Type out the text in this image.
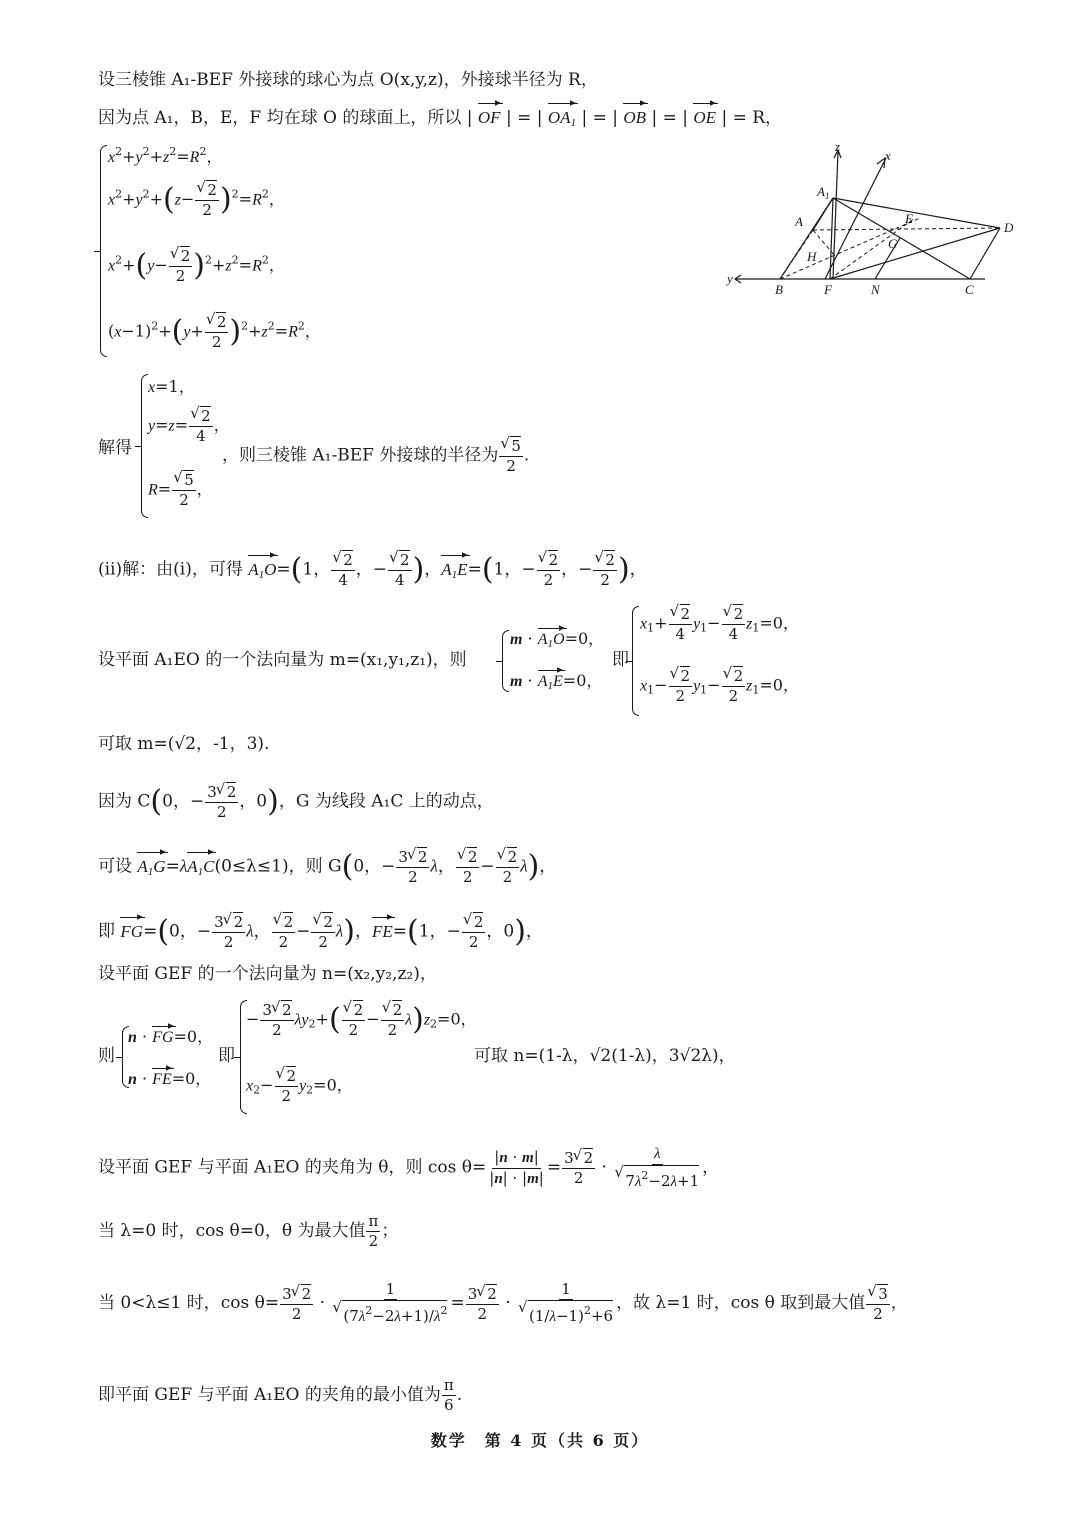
设三棱锥 A₁-BEF 外接球的球心为点 O(x,y,z)，外接球半径为 R，
因为点 A₁，B，E，F 均在球 O 的球面上，所以 | OF | = | $OA_1$ | = | OB | = | OE | = R，
$x^2+y^2+z^2=R^2$，
$x^2+y^2+(z-$ √ $\frac{2}{2} )^2=R^2$，
$x^2+(y-$ √ $\frac{2}{2} )^2+z^2=R^2$，
$(x-1)^2+(y+$ √ $\frac{2}{2} )^2+z^2=R^2$，
z
x
y
$A_1$
A	E
D
G
H
B	F	N	C
解得
x=1，
y=z= √ $\frac{2}{4}$ ，
R= √ $\frac{5}{2}$ ，
，则三棱锥 A₁-BEF 外接球的半径为 √ $\frac{5}{2}$ .
(ⅱ)解：由(ⅰ)，可得 $A_1O=(1$， √ $\frac{2}{4}$ ，− √ $\frac{2}{4}$ )，$A_1E=(1$，− √ $\frac{2}{2}$ ，− √ $\frac{2}{2}$ )，
设平面 A₁EO 的一个法向量为 m=(x₁,y₁,z₁)，则
$m \cdot A_1O=0$，
$m \cdot A_1E=0$，
即
$x_1+$ √ $\frac{2}{4} y_1-$ √ $\frac{2}{4} z_1=0$，
$x_1-$ √ $\frac{2}{2} y_1-$ √ $\frac{2}{2} z_1=0$，
可取 m=(√2，-1，3).
因为 C(0，− $\frac{3 √ 2}{2}$ ，0)，G 为线段 A₁C 上的动点，
可设 $A_1G=\lambda A_1C(0\le\lambda\le 1)$，则 G(0，− $\frac{3 √ 2}{2}$ λ， √ $\frac{2}{2}$ − √ $\frac{2}{2} \lambda$)，
即 FG=(0，− $\frac{3 √ 2}{2}$ λ， √ $\frac{2}{2}$ − √ $\frac{2}{2} \lambda$)，FE=(1，− √ $\frac{2}{2}$ ，0)，
设平面 GEF 的一个法向量为 n=(x₂,y₂,z₂)，
则
n · FG=0，
n · FE=0，
即
− $\frac{3 √ 2}{2} \lambda y_2+$( √ $\frac{2}{2}$ − √ $\frac{2}{2} \lambda)z_2=0$，
$x_2-$ √ $\frac{2}{2} y_2=0$，
可取 n=(1-λ，√2(1-λ)，3√2λ)，
设平面 GEF 与平面 A₁EO 的夹角为 θ，则 $\cos \theta= \frac{|n \cdot m|}{|n| \cdot |m|} = \frac{3 √ 2}{2} \cdot \lambda$
√ $7\lambda^2-2\lambda+1$ ，
当 λ=0 时，cos θ=0，θ 为最大值 $\frac{\pi}{2}$ ；
当 0<λ≤1 时，$\cos \theta= \frac{3 √ 2}{2} \cdot 1$
√ $(7\lambda^2-2\lambda+1)/\lambda^2 = \frac{3 √ 2}{2} \cdot 1$
√ $(1/\lambda-1)^2+6$ ，故 λ=1 时，cos θ 取到最大值 √ $\frac{3}{2}$ ，
即平面 GEF 与平面 A₁EO 的夹角的最小值为 $\frac{\pi}{6}$ .
数学　第 4 页（共 6 页）
